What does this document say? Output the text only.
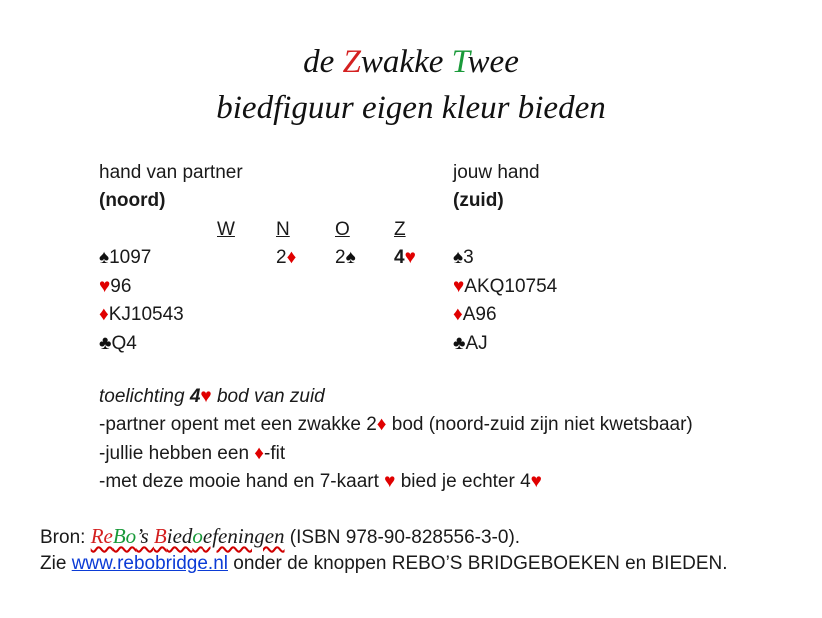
de Zwakke Twee
biedfiguur eigen kleur bieden
hand van partner
(noord)
♠1097
♥96
♦KJ10543
♣Q4
W N O Z
2♦ 2♠ 4♥
jouw hand
(zuid)
♠3
♥AKQ10754
♦A96
♣AJ
toelichting 4♥ bod van zuid
-partner opent met een zwakke 2♦ bod (noord-zuid zijn niet kwetsbaar)
-jullie hebben een ♦-fit
-met deze mooie hand en 7-kaart ♥ bied je echter 4♥
Bron: ReBo’s Biedoefeningen (ISBN 978-90-828556-3-0).
Zie www.rebobridge.nl onder de knoppen REBO’S BRIDGEBOEKEN en BIEDEN.
